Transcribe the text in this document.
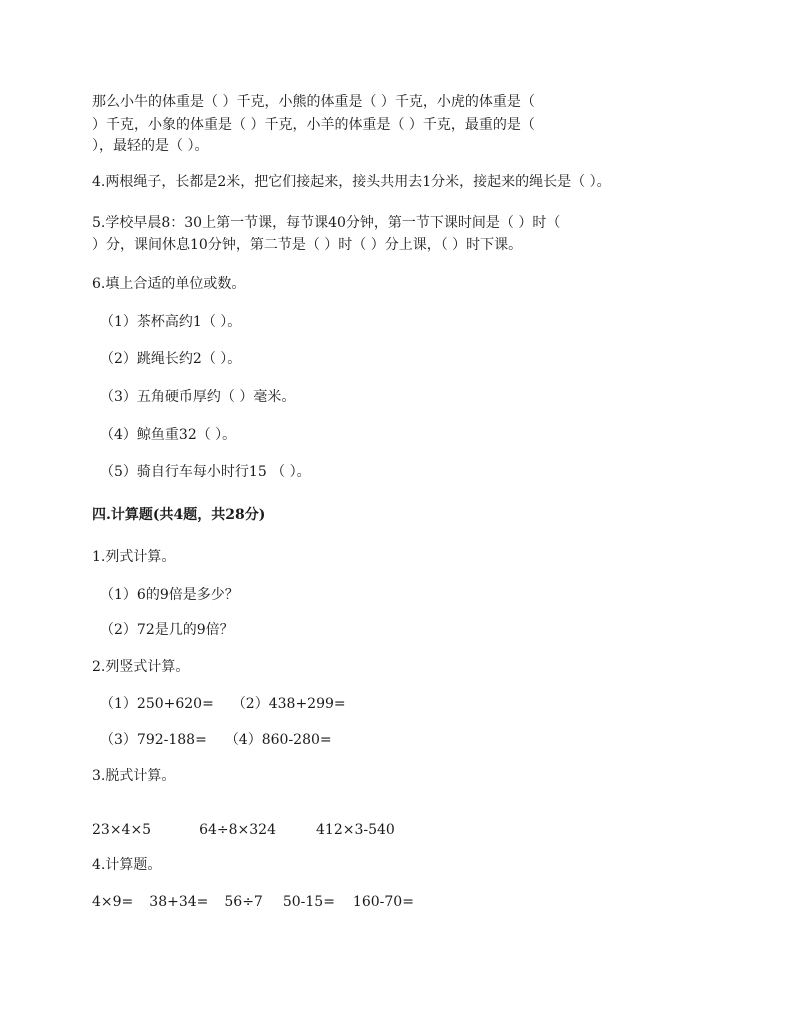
那么小牛的体重是（ ）千克，小熊的体重是（ ）千克，小虎的体重是（
）千克，小象的体重是（ ）千克，小羊的体重是（ ）千克，最重的是（
），最轻的是（ ）。
4.两根绳子，长都是2米，把它们接起来，接头共用去1分米，接起来的绳长是（ ）。
5.学校早晨8：30上第一节课，每节课40分钟，第一节下课时间是（ ）时（
）分，课间休息10分钟，第二节是（ ）时（ ）分上课，（ ）时下课。
6.填上合适的单位或数。
（1）茶杯高约1（ ）。
（2）跳绳长约2（ ）。
（3）五角硬币厚约（ ）毫米。
（4）鲸鱼重32（ ）。
（5）骑自行车每小时行15 （ ）。
四.计算题(共4题，共28分)
1.列式计算。
（1）6的9倍是多少？
（2）72是几的9倍？
2.列竖式计算。
（1）250+620= （2）438+299=
（3）792-188= （4）860-280=
3.脱式计算。
23×4×5	64÷8×324	412×3-540
4.计算题。
4×9= 38+34= 56÷7 50-15= 160-70=
